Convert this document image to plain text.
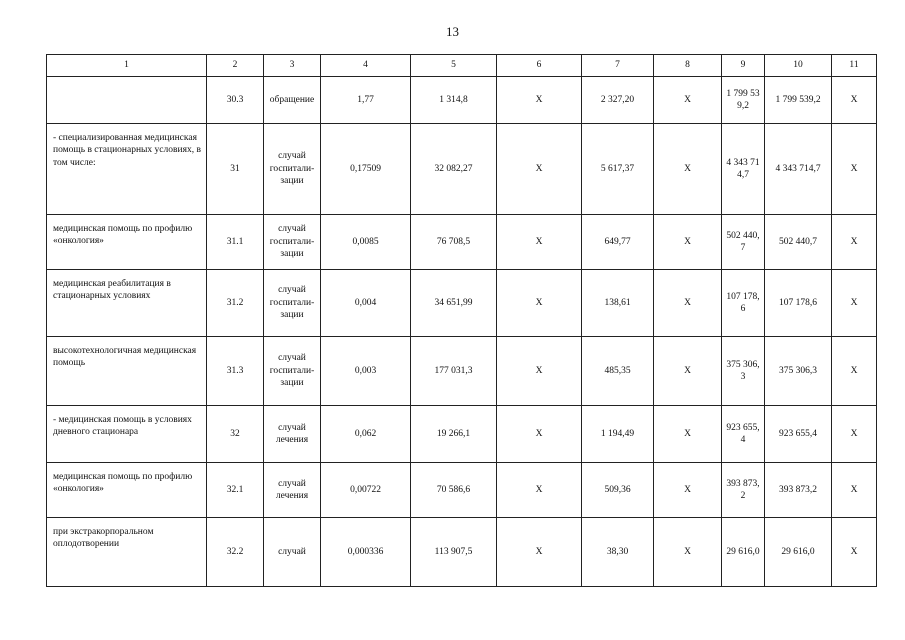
13
1	2	3	4	5	6	7	8	9	10	11
	30.3	обращение	1,77	1 314,8	X	2 327,20	X	1 799 53 9,2	1 799 539,2	X
- специализированная медицинская помощь в стационарных условиях, в том числе:	31	случай госпитали-зации	0,17509	32 082,27	X	5 617,37	X	4 343 71 4,7	4 343 714,7	X
медицинская помощь по профилю «онкология»	31.1	случай госпитали-зации	0,0085	76 708,5	X	649,77	X	502 440, 7	502 440,7	X
медицинская реабилитация в стационарных условиях	31.2	случай госпитали-зации	0,004	34 651,99	X	138,61	X	107 178, 6	107 178,6	X
высокотехнологичная медицинская помощь	31.3	случай госпитали-зации	0,003	177 031,3	X	485,35	X	375 306, 3	375 306,3	X
- медицинская помощь в условиях дневного стационара	32	случай лечения	0,062	19 266,1	X	1 194,49	X	923 655, 4	923 655,4	X
медицинская помощь по профилю «онкология»	32.1	случай лечения	0,00722	70 586,6	X	509,36	X	393 873, 2	393 873,2	X
при экстракорпоральном оплодотворении	32.2	случай	0,000336	113 907,5	X	38,30	X	29 616,0	29 616,0	X
